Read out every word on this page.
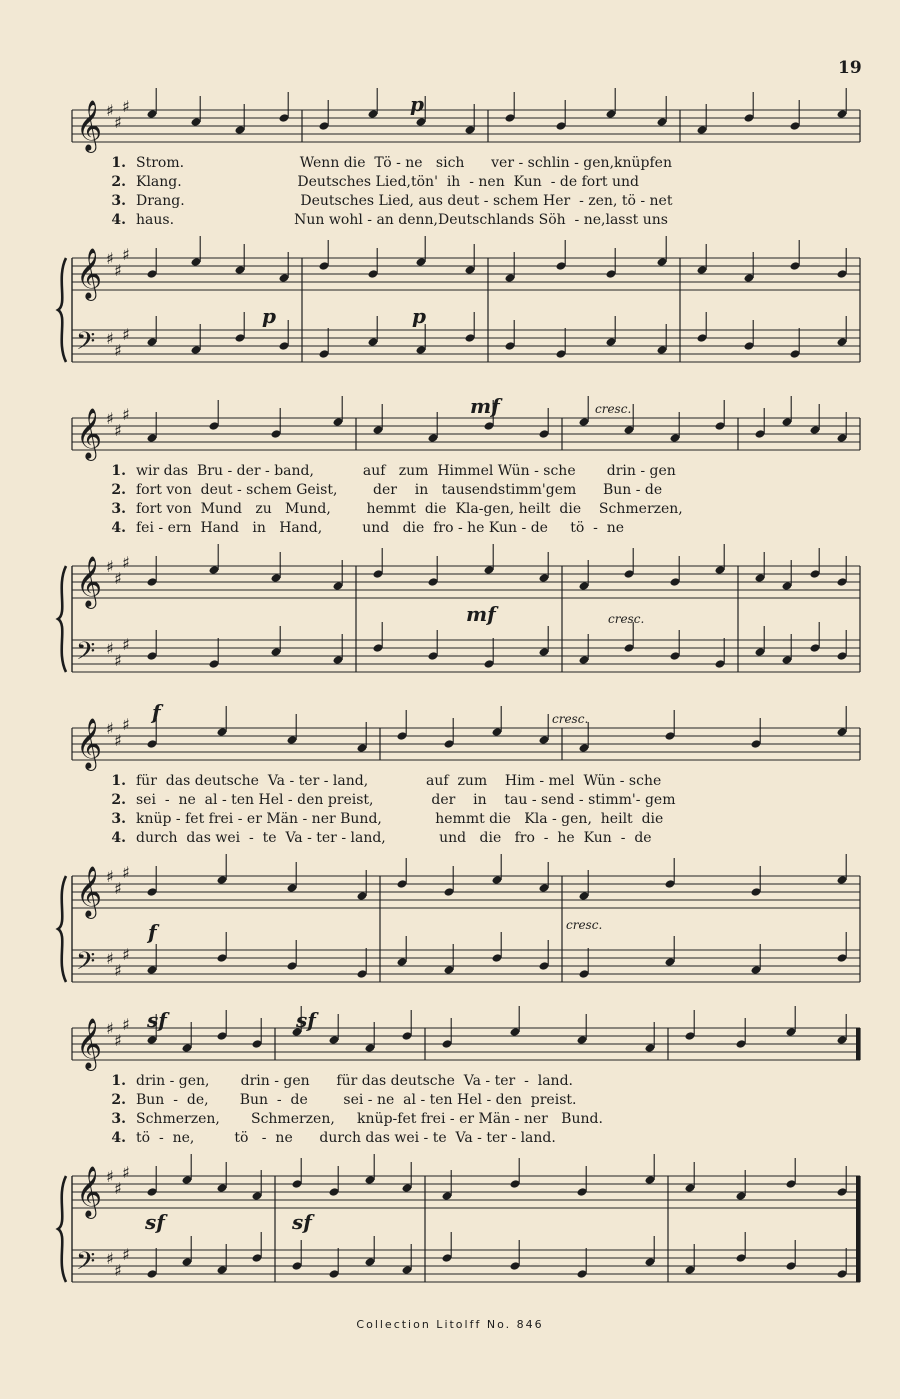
𝄞 ♯
♯
♯
𝄞 ♯
♯
♯
𝄢 ♯
♯
♯
𝄞 ♯
♯
♯
𝄞 ♯
♯
♯
𝄢 ♯
♯
♯
𝄞 ♯
♯
♯
𝄞 ♯
♯
♯
𝄢 ♯
♯
♯
𝄞 ♯
♯
♯
𝄞 ♯
♯
♯
𝄢 ♯
♯
♯
19
p
1. Strom.                          Wenn die  Tö - ne   sich      ver - schlin - gen,knüpfen
2. Klang.                          Deutsches Lied,tön'  ih  - nen  Kun  - de fort und
3. Drang.                          Deutsches Lied, aus deut - schem Her  - zen, tö - net
4. haus.                           Nun wohl - an denn,Deutschlands Söh  - ne,lasst uns
p	p
mf	cresc.
1. wir das  Bru - der - band,           auf   zum  Himmel Wün - sche       drin - gen
2. fort von  deut - schem Geist,        der    in   tausendstimm'gem      Bun - de
3. fort von  Mund   zu   Mund,        hemmt  die  Kla-gen, heilt  die    Schmerzen,
4. fei - ern  Hand   in   Hand,         und   die  fro - he Kun - de     tö  -  ne
mf	cresc.
f	cresc.
1. für  das deutsche  Va - ter - land,             auf  zum    Him - mel  Wün - sche
2. sei  -  ne  al - ten Hel - den preist,             der    in    tau - send - stimm'- gem
3. knüp - fet frei - er Män - ner Bund,            hemmt die   Kla - gen,  heilt  die
4. durch  das wei  -  te  Va - ter - land,            und   die   fro  -  he  Kun  -  de
f	cresc.
sf	sf
1. drin - gen,       drin - gen      für das deutsche  Va - ter  -  land.
2. Bun  -  de,       Bun  -  de        sei - ne  al - ten Hel - den  preist.
3. Schmerzen,       Schmerzen,     knüp-fet frei - er Män - ner   Bund.
4. tö  -  ne,         tö   -  ne      durch das wei - te  Va - ter - land.
sf	sf
Collection Litolff No. 846
